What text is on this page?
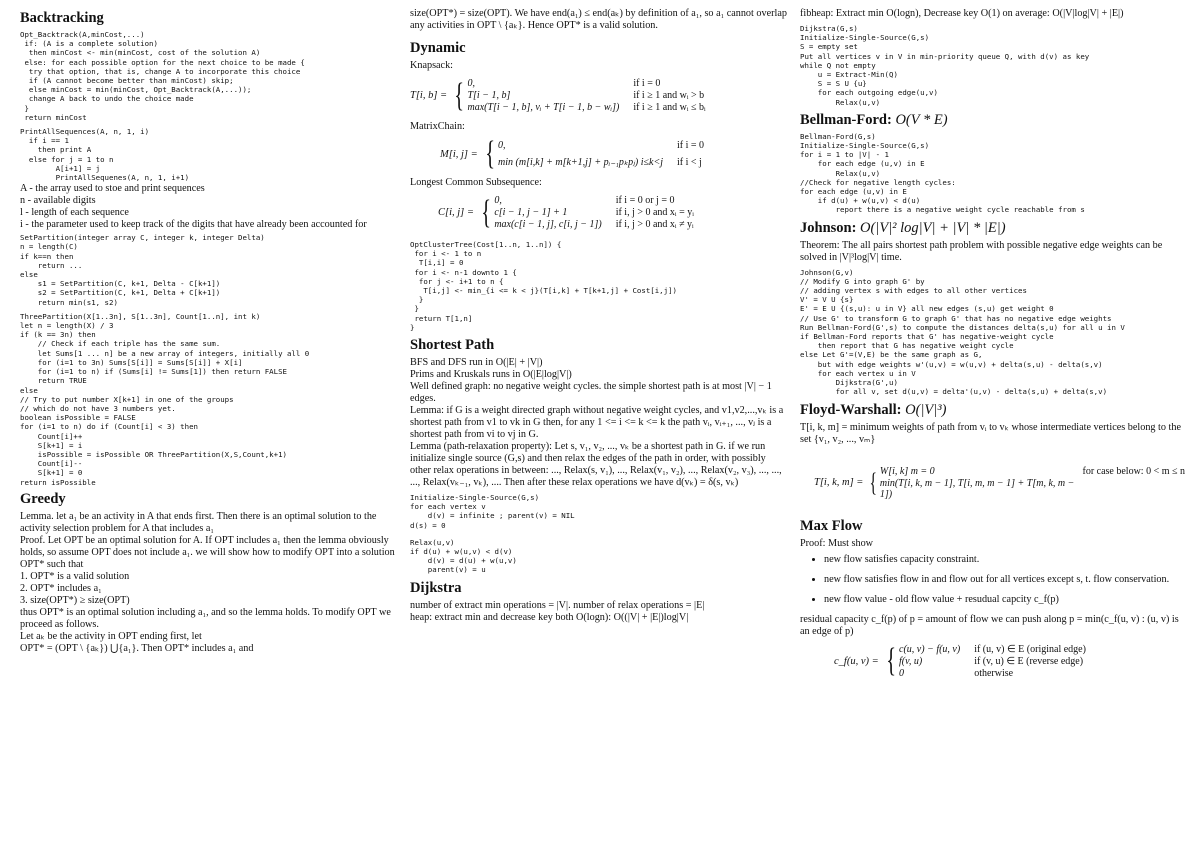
Backtracking
Opt_Backtrack(A,minCost,...)
if: (A is a complete solution)
then minCost <- min(minCost, cost of the solution A)
else: for each possible option for the next choice to be made {
try that option, that is, change A to incorporate this choice
if (A cannot become better than minCost) skip;
else minCost = min(minCost, Opt_Backtrack(A,...));
change A back to undo the choice made
}
return minCost
PrintAllSequences(A, n, 1, i)
if i == 1
then print A
else for j = 1 to n
A[i+1] = j
PrintAllSequenes(A, n, 1, i+1)

A - the array used to stoe and print sequences

n - available digits

l - length of each sequence

i - the parameter used to keep track of the digits that have already been accounted for

SetPartition(integer array C, integer k, integer Delta)
n = length(C)
if k==n then
return ...
else
s1 = SetPartition(C, k+1, Delta - C[k+1])
s2 = SetPartition(C, k+1, Delta + C[k+1])
return min(s1, s2)
ThreePartition(X[1..3n], S[1..3n], Count[1..n], int k)
let n = length(X) / 3
if (k == 3n) then
// Check if each triple has the same sum.
let Sums[1 ... n] be a new array of integers, initially all 0
for (i=1 to 3n) Sums[S[i]] = Sums[S[i]] + X[i]
for (i=1 to n) if (Sums[i] != Sums[1]) then return FALSE
return TRUE
else
// Try to put number X[k+1] in one of the groups
// which do not have 3 numbers yet.
boolean isPossible = FALSE
for (i=1 to n) do if (Count[i] < 3) then
Count[i]++
S[k+1] = i
isPossible = isPossible OR ThreePartition(X,S,Count,k+1)
Count[i]--
S[k+1] = 0
return isPossible
Greedy

Lemma. let a₁ be an activity in A that ends first. Then there is an optimal solution to the activity selection problem for A that includes a₁

Proof. Let OPT be an optimal solution for A. If OPT includes a₁ then the lemma obviously holds, so assume OPT does not include a₁. we will show how to modify OPT into a solution OPT* such that

1. OPT* is a valid solution

2. OPT* includes a₁

3. size(OPT*) ≥ size(OPT)

thus OPT* is an optimal solution including a₁, and so the lemma holds. To modify OPT we proceed as follows.

Let aₖ be the activity in OPT ending first, let

OPT* = (OPT \ {aₖ}) ⋃{a₁}. Then OPT* includes a₁ and

size(OPT*) = size(OPT). We have end(a₁) ≤ end(aₖ) by definition of a₁, so a₁ cannot overlap any activities in OPT \ {aₖ}. Hence OPT* is a valid solution.

Dynamic

Knapsack:

T[i, b] = { 0,	if i = 0
T[i − 1, b]	if i ≥ 1 and wᵢ > b
max(T[i − 1, b], vᵢ + T[i − 1, b − wᵢ]) if i ≥ 1 and wᵢ ≤ bᵢ

MatrixChain:

M[i, j] = { 0,	if i = 0
min (m[i,k] + m[k+1,j] + pᵢ₋₁pₖpⱼ) i≤k<j if i < j

Longest Common Subsequence:

C[i, j] = { 0,	if i = 0 or j = 0
c[i − 1, j − 1] + 1	if i, j > 0 and xᵢ = yᵢ
max(c[i − 1, j], c[i, j − 1]) if i, j > 0 and xᵢ ≠ yᵢ
OptClusterTree(Cost[1..n, 1..n]) {
for i <- 1 to n
T[i,i] = 0
for i <- n-1 downto 1 {
for j <- i+1 to n {
T[i,j] <- min_{i <= k < j}(T[i,k] + T[k+1,j] + Cost[i,j])
}
}
return T[1,n]
}
Shortest Path

BFS and DFS run in O(|E| + |V|)

Prims and Kruskals runs in O(|E|log|V|)

Well defined graph: no negative weight cycles. the simple shortest path is at most |V| − 1 edges.

Lemma: if G is a weight directed graph without negative weight cycles, and v1,v2,...,vₖ is a shortest path from v1 to vk in G then, for any 1 <= i <= k <= k the path vᵢ, vᵢ₊₁, ..., vⱼ is a shortest path from vi to vj in G.

Lemma (path-relaxation property): Let s, v₁, v₂, ..., vₖ be a shortest path in G. if we run initialize single source (G,s) and then relax the edges of the path in order, with possibly other relax operations in between: ..., Relax(s, v₁), ..., Relax(v₁, v₂), ..., Relax(v₂, v₃), ..., ..., ..., Relax(vₖ₋₁, vₖ), .... Then after these relax operations we have d(vₖ) = δ(s, vₖ)

Initialize-Single-Source(G,s)
for each vertex v
d(v) = infinite ; parent(v) = NIL
d(s) = 0
Relax(u,v)
if d(u) + w(u,v) < d(v)
d(v) = d(u) + w(u,v)
parent(v) = u
Dijkstra

number of extract min operations = |V|. number of relax operations = |E|

heap: extract min and decrease key both O(logn): O((|V| + |E|)log|V|

fibheap: Extract min O(logn), Decrease key O(1) on average: O(|V|log|V| + |E|)

Dijkstra(G,s)
Initialize-Single-Source(G,s)
S = empty set
Put all vertices v in V in min-priority queue Q, with d(v) as key
while Q not empty
u = Extract-Min(Q)
S = S U {u}
for each outgoing edge(u,v)
Relax(u,v)
Bellman-Ford: O(V * E)
Bellman-Ford(G,s)
Initialize-Single-Source(G,s)
for i = 1 to |V| - 1
for each edge (u,v) in E
Relax(u,v)
//Check for negative length cycles:
for each edge (u,v) in E
if d(u) + w(u,v) < d(u)
report there is a negative weight cycle reachable from s
Johnson: O(|V|² log|V| + |V| * |E|)

Theorem: The all pairs shortest path problem with possible negative edge weights can be solved in |V|³log|V| time.

Johnson(G,v)
// Modify G into graph G' by
// adding vertex s with edges to all other vertices
V' = V U {s}
E' = E U {(s,u): u in V} all new edges (s,u) get weight 0
// Use G' to transform G to graph G' that has no negative edge weights
Run Bellman-Ford(G',s) to compute the distances delta(s,u) for all u in V
if Bellman-Ford reports that G' has negative-weight cycle
then report that G has negative weight cycle
else Let G'=(V,E) be the same graph as G,
but with edge weights w'(u,v) = w(u,v) + delta(s,u) - delta(s,v)
for each vertex u in V
Dijkstra(G',u)
for all v, set d(u,v) = delta'(u,v) - delta(s,u) + delta(s,v)
Floyd-Warshall: O(|V|³)

T[i, k, m] = minimum weights of path from vᵢ to vₖ whose intermediate vertices belong to the set {v₁, v₂, ..., vₘ}

T[i, k, m] = { W[i, k] m = 0	for case below: 0 < m ≤ n
min(T[i, k, m − 1], T[i, m, m − 1] + T[m, k, m − 1])
Max Flow

Proof: Must show

• new flow satisfies capacity constraint.
• new flow satisfies flow in and flow out for all vertices except s, t. flow conservation.
• new flow value - old flow value + resudual capcity c_f(p)

residual capacity c_f(p) of p = amount of flow we can push along p = min(c_f(u, v) : (u, v) is an edge of p)

c_f(u, v) = { c(u, v) − f(u, v) if (u, v) ∈ E (original edge)
f(v, u)	if (v, u) ∈ E (reverse edge)
0	otherwise
